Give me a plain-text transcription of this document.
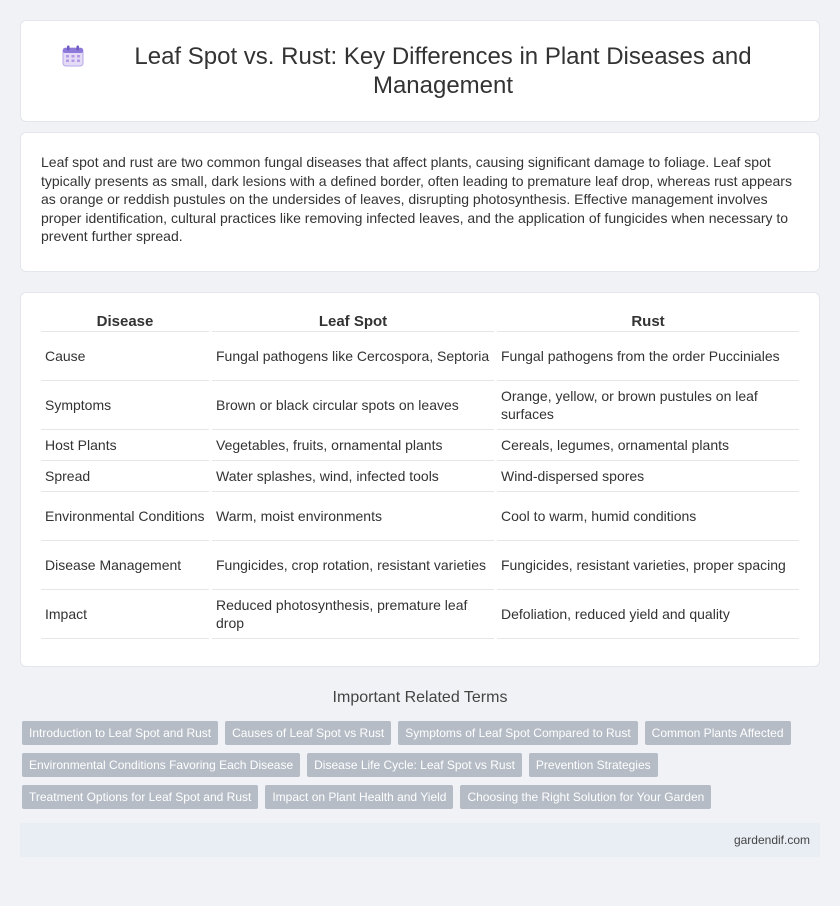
Leaf Spot vs. Rust: Key Differences in Plant Diseases and Management
Leaf spot and rust are two common fungal diseases that affect plants, causing significant damage to foliage. Leaf spot typically presents as small, dark lesions with a defined border, often leading to premature leaf drop, whereas rust appears as orange or reddish pustules on the undersides of leaves, disrupting photosynthesis. Effective management involves proper identification, cultural practices like removing infected leaves, and the application of fungicides when necessary to prevent further spread.
Disease	Leaf Spot	Rust
Cause	Fungal pathogens like Cercospora, Septoria	Fungal pathogens from the order Pucciniales
Symptoms	Brown or black circular spots on leaves	Orange, yellow, or brown pustules on leaf surfaces
Host Plants	Vegetables, fruits, ornamental plants	Cereals, legumes, ornamental plants
Spread	Water splashes, wind, infected tools	Wind-dispersed spores
Environmental Conditions	Warm, moist environments	Cool to warm, humid conditions
Disease Management	Fungicides, crop rotation, resistant varieties	Fungicides, resistant varieties, proper spacing
Impact	Reduced photosynthesis, premature leaf drop	Defoliation, reduced yield and quality
Important Related Terms
Introduction to Leaf Spot and Rust	Causes of Leaf Spot vs Rust	Symptoms of Leaf Spot Compared to Rust	Common Plants Affected
Environmental Conditions Favoring Each Disease	Disease Life Cycle: Leaf Spot vs Rust	Prevention Strategies
Treatment Options for Leaf Spot and Rust	Impact on Plant Health and Yield	Choosing the Right Solution for Your Garden
gardendif.com
